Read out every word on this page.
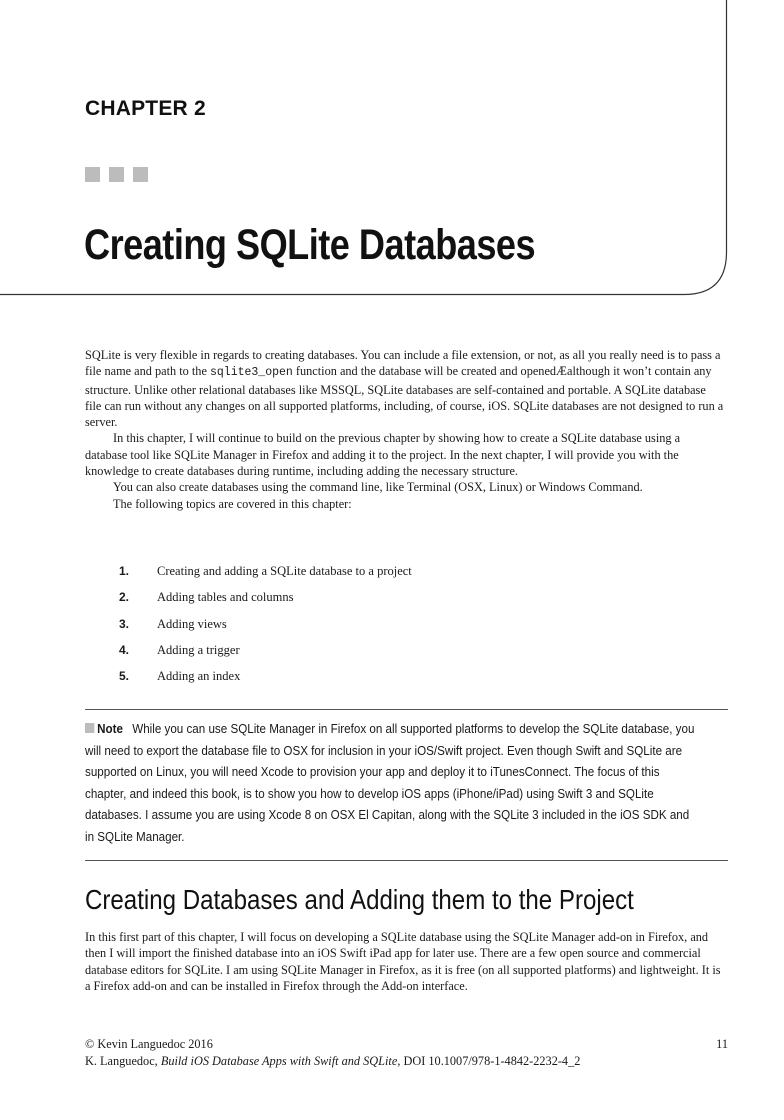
CHAPTER 2
Creating SQLite Databases

SQLite is very flexible in regards to creating databases. You can include a file extension, or not, as all you really need is to pass a file name and path to the sqlite3_open function and the database will be created and openedÆalthough it won’t contain any structure. Unlike other relational databases like MSSQL, SQLite databases are self-contained and portable. A SQLite database file can run without any changes on all supported platforms, including, of course, iOS. SQLite databases are not designed to run a server.

In this chapter, I will continue to build on the previous chapter by showing how to create a SQLite database using a database tool like SQLite Manager in Firefox and adding it to the project. In the next chapter, I will provide you with the knowledge to create databases during runtime, including adding the necessary structure.

You can also create databases using the command line, like Terminal (OSX, Linux) or Windows Command.

The following topics are covered in this chapter:

1. Creating and adding a SQLite database to a project
2. Adding tables and columns
3. Adding views
4. Adding a trigger
5. Adding an index
Note While you can use SQLite Manager in Firefox on all supported platforms to develop the SQLite database, you will need to export the database file to OSX for inclusion in your iOS/Swift project. Even though Swift and SQLite are supported on Linux, you will need Xcode to provision your app and deploy it to iTunesConnect. The focus of this chapter, and indeed this book, is to show you how to develop iOS apps (iPhone/iPad) using Swift 3 and SQLite databases. I assume you are using Xcode 8 on OSX El Capitan, along with the SQLite 3 included in the iOS SDK and in SQLite Manager.
Creating Databases and Adding them to the Project

In this first part of this chapter, I will focus on developing a SQLite database using the SQLite Manager add-on in Firefox, and then I will import the finished database into an iOS Swift iPad app for later use. There are a few open source and commercial database editors for SQLite. I am using SQLite Manager in Firefox, as it is free (on all supported platforms) and lightweight. It is a Firefox add-on and can be installed in Firefox through the Add-on interface.

© Kevin Languedoc 2016

K. Languedoc, Build iOS Database Apps with Swift and SQLite, DOI 10.1007/978-1-4842-2232-4_2

11
